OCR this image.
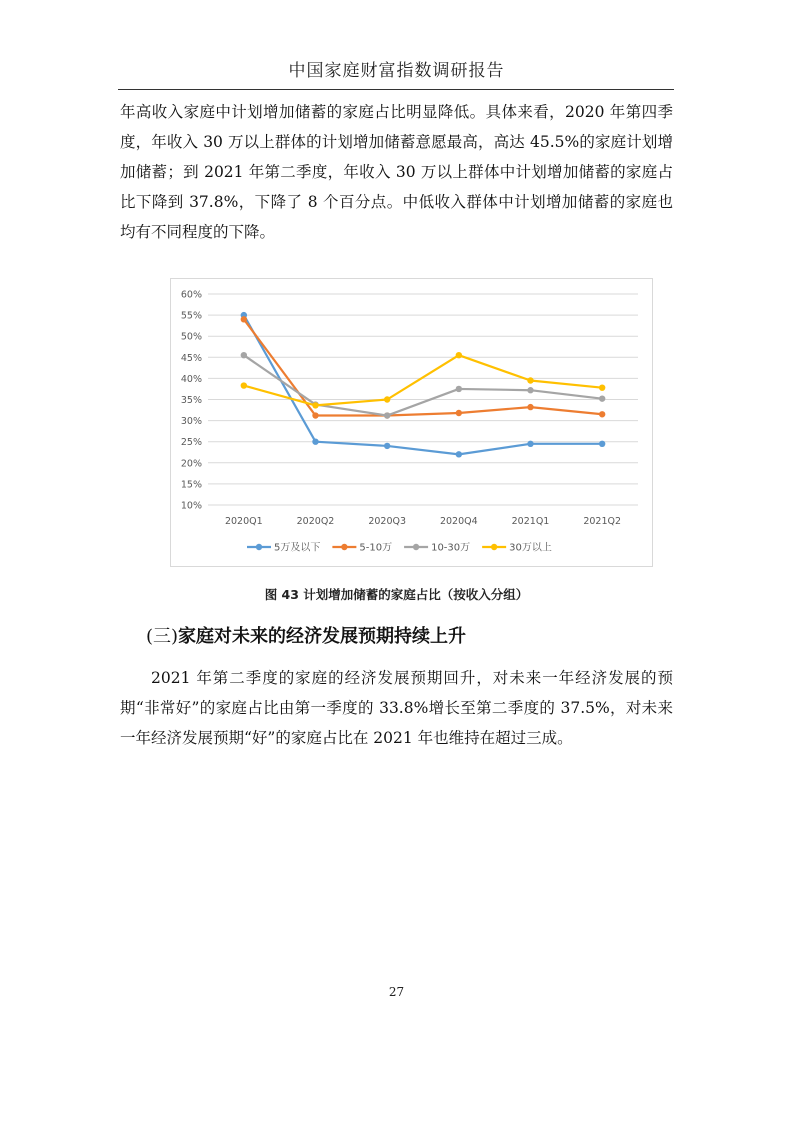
中国家庭财富指数调研报告

年高收入家庭中计划增加储蓄的家庭占比明显降低。具体来看，2020 年第四季度，年收入 30 万以上群体的计划增加储蓄意愿最高，高达 45.5%的家庭计划增加储蓄；到 2021 年第二季度，年收入 30 万以上群体中计划增加储蓄的家庭占比下降到 37.8%，下降了 8 个百分点。中低收入群体中计划增加储蓄的家庭也均有不同程度的下降。

10%
15%
20%
25%
30%
35%
40%
45%
50%
55%
60%
2020Q1	2020Q2	2020Q3	2020Q4	2021Q1	2021Q2
5万及以下	5-10万	10-30万	30万以上
图 43 计划增加储蓄的家庭占比（按收入分组）
(三)家庭对未来的经济发展预期持续上升

2021 年第二季度的家庭的经济发展预期回升，对未来一年经济发展的预期“非常好”的家庭占比由第一季度的 33.8%增长至第二季度的 37.5%，对未来一年经济发展预期“好”的家庭占比在 2021 年也维持在超过三成。

27
